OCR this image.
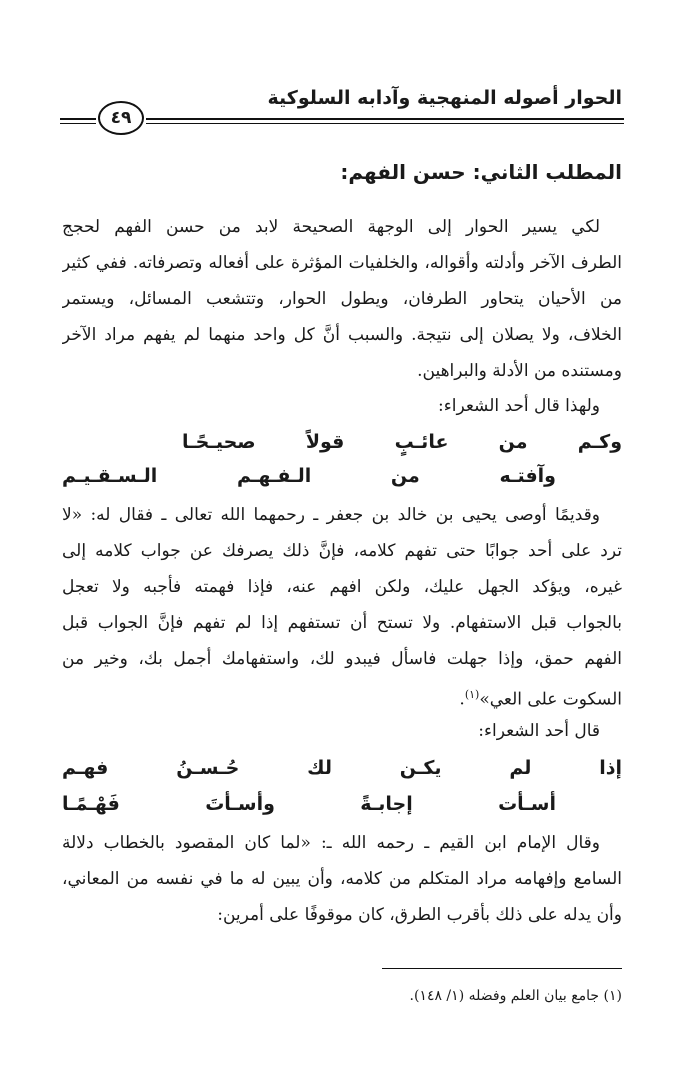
الحوار أصوله المنهجية وآدابه السلوكية
٤٩
المطلب الثاني: حسن الفهم:
لكي يسير الحوار إلى الوجهة الصحيحة لابد من حسن الفهم لحجج
الطرف الآخر وأدلته وأقواله، والخلفيات المؤثرة على أفعاله وتصرفاته. ففي كثير
من الأحيان يتحاور الطرفان، ويطول الحوار، وتتشعب المسائل، ويستمر
الخلاف، ولا يصلان إلى نتيجة. والسبب أنَّ كل واحد منهما لم يفهم مراد الآخر
ومستنده من الأدلة والبراهين.
ولهذا قال أحد الشعراء:
وكـم من عائـبٍ قولاً صحيـحًـا
وآفتـه من الـفـهـم الـسـقـيـم
وقديمًا أوصى يحيى بن خالد بن جعفر ـ رحمهما الله تعالى ـ فقال له: «لا
ترد على أحد جوابًا حتى تفهم كلامه، فإنَّ ذلك يصرفك عن جواب كلامه إلى
غيره، ويؤكد الجهل عليك، ولكن افهم عنه، فإذا فهمته فأجبه ولا تعجل
بالجواب قبل الاستفهام. ولا تستح أن تستفهم إذا لم تفهم فإنَّ الجواب قبل
الفهم حمق، وإذا جهلت فاسأل فيبدو لك، واستفهامك أجمل بك، وخير من
السكوت على العي»$^{(١)}$.
قال أحد الشعراء:
إذا لم يكـن لك حُـسـنُ فهـم
أسـأت إجابـةً وأسـأتَ فَهْـمًـا
وقال الإمام ابن القيم ـ رحمه الله ـ: «لما كان المقصود بالخطاب دلالة
السامع وإفهامه مراد المتكلم من كلامه، وأن يبين له ما في نفسه من المعاني،
وأن يدله على ذلك بأقرب الطرق، كان موقوفًا على أمرين:
(١) جامع بيان العلم وفضله (١/ ١٤٨).
